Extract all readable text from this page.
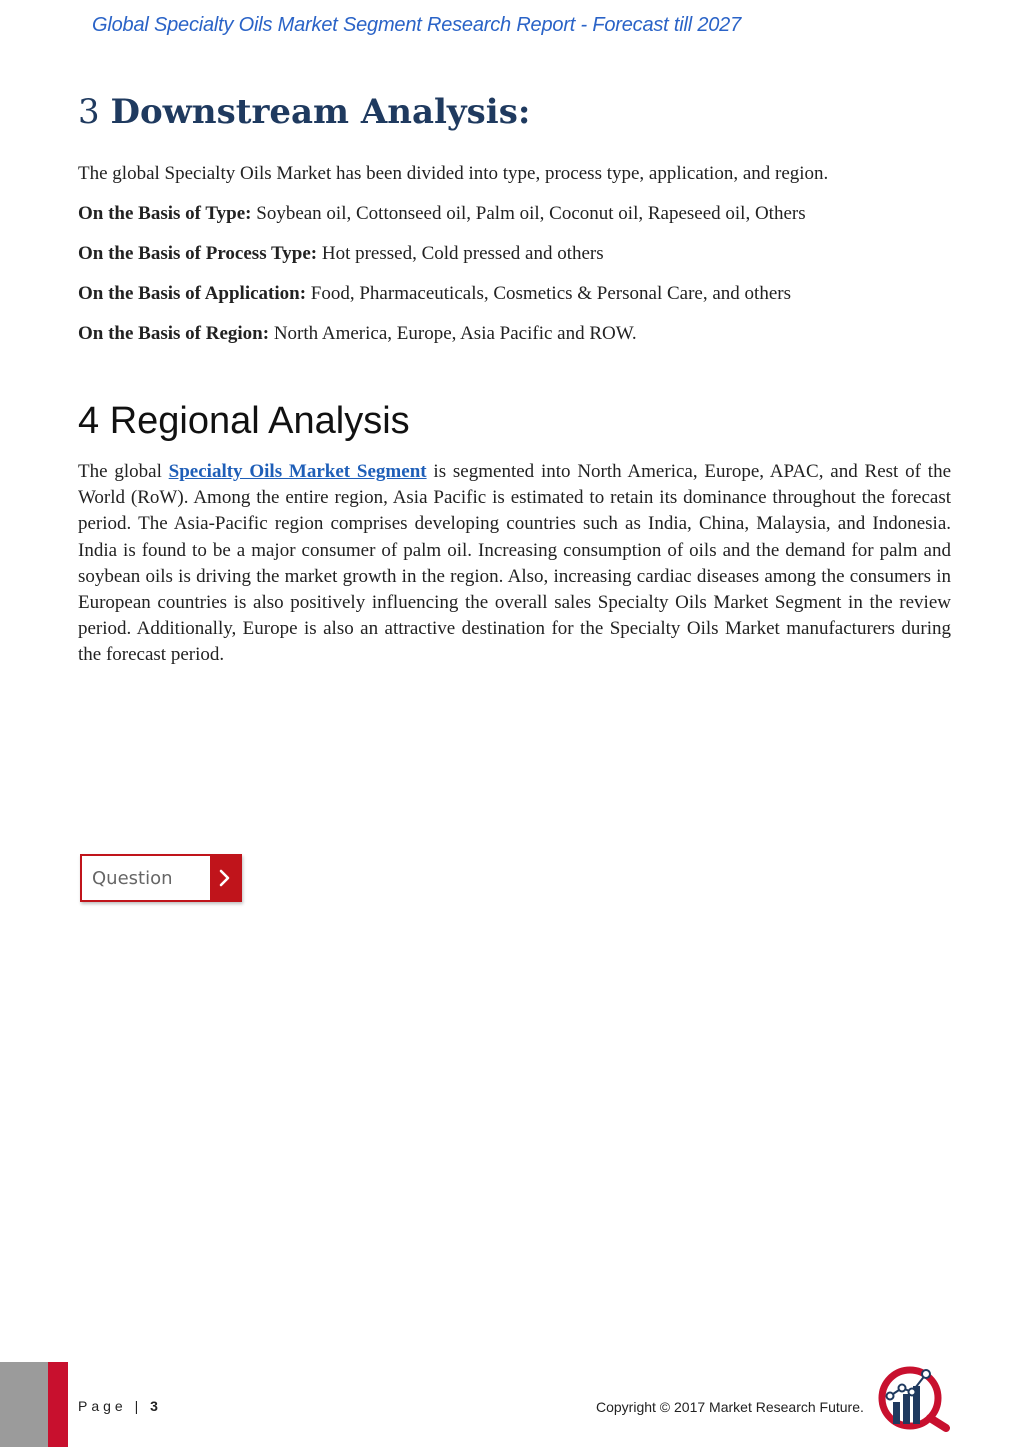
Global Specialty Oils Market Segment Research Report - Forecast till 2027
3 Downstream Analysis:

The global Specialty Oils Market has been divided into type, process type, application, and region.

On the Basis of Type: Soybean oil, Cottonseed oil, Palm oil, Coconut oil, Rapeseed oil, Others

On the Basis of Process Type: Hot pressed, Cold pressed and others

On the Basis of Application: Food, Pharmaceuticals, Cosmetics & Personal Care, and others

On the Basis of Region: North America, Europe, Asia Pacific and ROW.

4 Regional Analysis

The global Specialty Oils Market Segment is segmented into North America, Europe, APAC, and Rest of the World (RoW). Among the entire region, Asia Pacific is estimated to retain its dominance throughout the forecast period. The Asia-Pacific region comprises developing countries such as India, China, Malaysia, and Indonesia. India is found to be a major consumer of palm oil. Increasing consumption of oils and the demand for palm and soybean oils is driving the market growth in the region. Also, increasing cardiac diseases among the consumers in European countries is also positively influencing the overall sales Specialty Oils Market Segment in the review period. Additionally, Europe is also an attractive destination for the Specialty Oils Market manufacturers during the forecast period.

Question
Page | 3	Copyright © 2017 Market Research Future.
